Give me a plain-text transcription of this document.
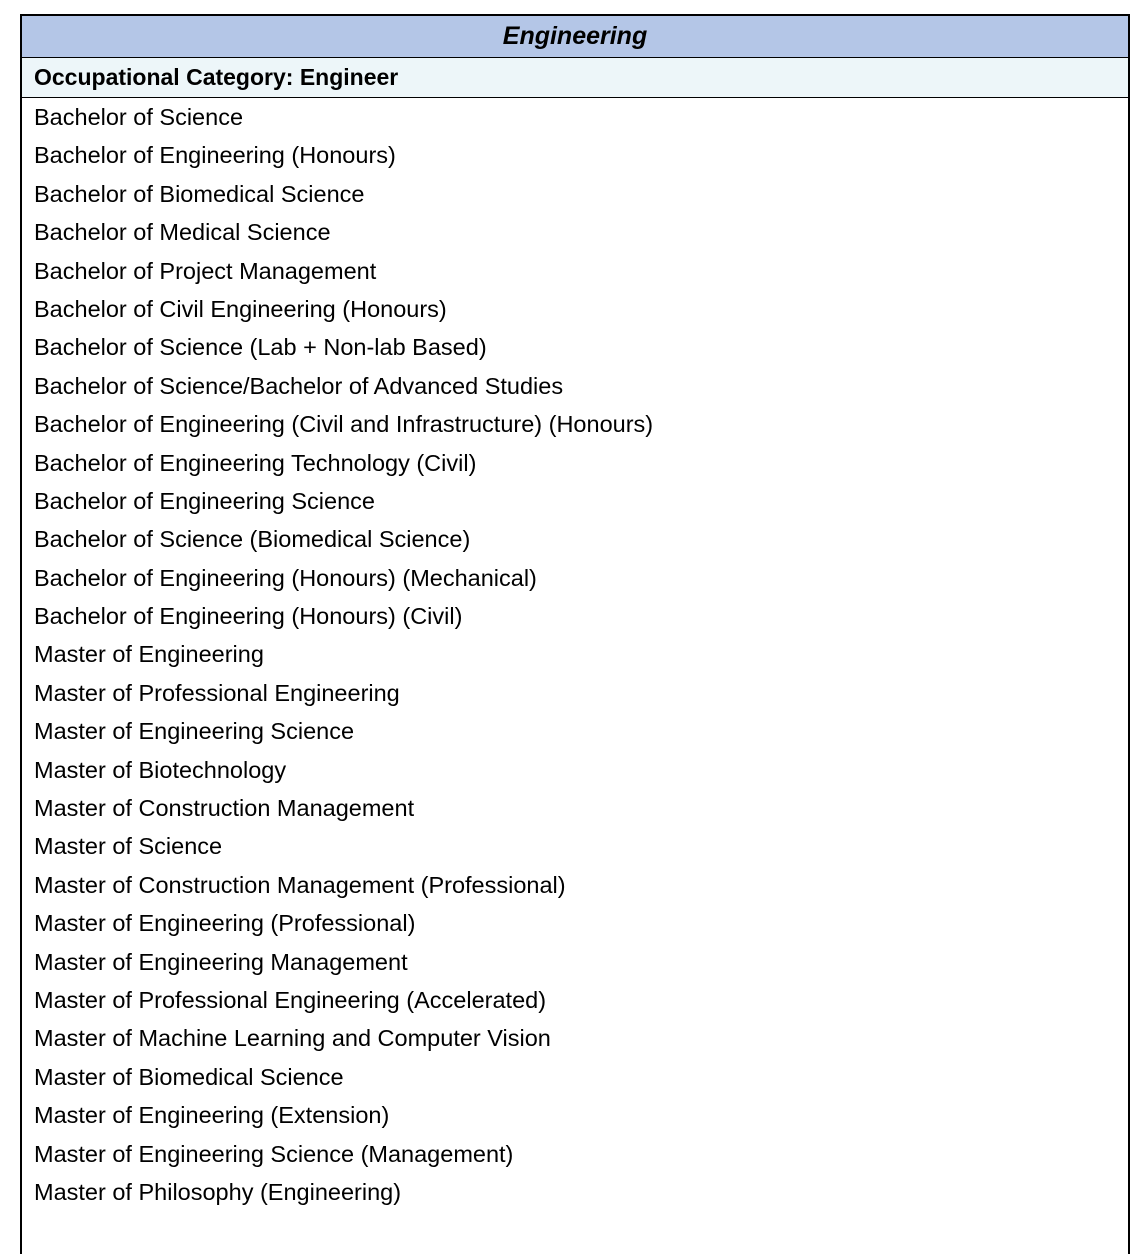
Engineering
Occupational Category: Engineer
Bachelor of Science
Bachelor of Engineering (Honours)
Bachelor of Biomedical Science
Bachelor of Medical Science
Bachelor of Project Management
Bachelor of Civil Engineering (Honours)
Bachelor of Science (Lab + Non-lab Based)
Bachelor of Science/Bachelor of Advanced Studies
Bachelor of Engineering (Civil and Infrastructure) (Honours)
Bachelor of Engineering Technology (Civil)
Bachelor of Engineering Science
Bachelor of Science (Biomedical Science)
Bachelor of Engineering (Honours) (Mechanical)
Bachelor of Engineering (Honours) (Civil)
Master of Engineering
Master of Professional Engineering
Master of Engineering Science
Master of Biotechnology
Master of Construction Management
Master of Science
Master of Construction Management (Professional)
Master of Engineering (Professional)
Master of Engineering Management
Master of Professional Engineering (Accelerated)
Master of Machine Learning and Computer Vision
Master of Biomedical Science
Master of Engineering (Extension)
Master of Engineering Science (Management)
Master of Philosophy (Engineering)
